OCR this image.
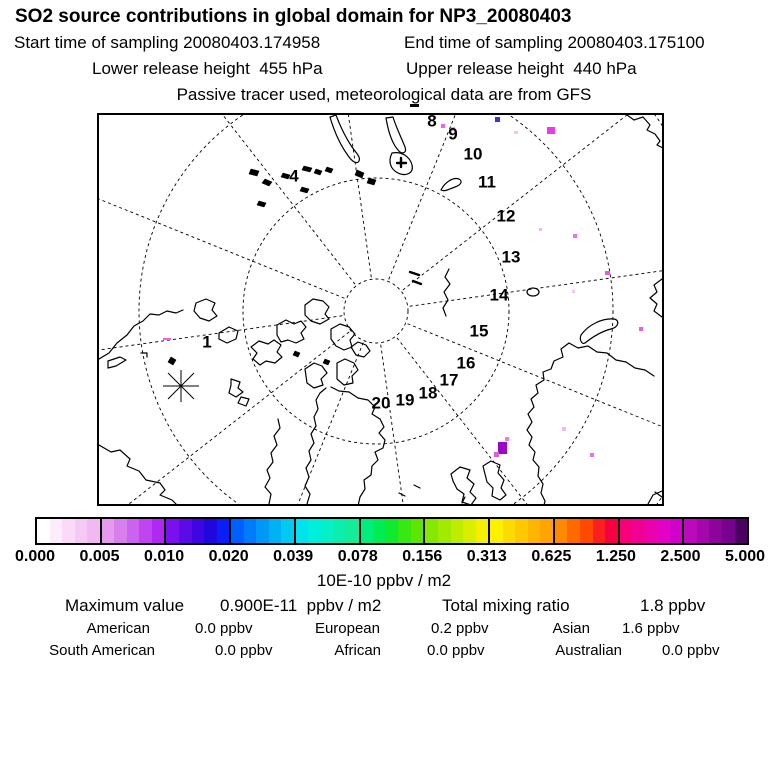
SO2 source contributions in global domain for NP3_20080403
Start time of sampling 20080403.174958	End time of sampling 20080403.175100
Lower release height  455 hPa	Upper release height  440 hPa
Passive tracer used, meteorological data are from GFS
1
4
8
9
10
11
12
13
14
15
16
17
18
19
20
0.000 0.005 0.010 0.020 0.039 0.078 0.156 0.313 0.625 1.250 2.500 5.000
10E-10 ppbv / m2
Maximum value 0.900E-11  ppbv / m2	Total mixing ratio	1.8 ppbv
American	0.0 ppbv	European	0.2 ppbv	Asian 1.6 ppbv
South American	0.0 ppbv	African	0.0 ppbv	Australian	0.0 ppbv
